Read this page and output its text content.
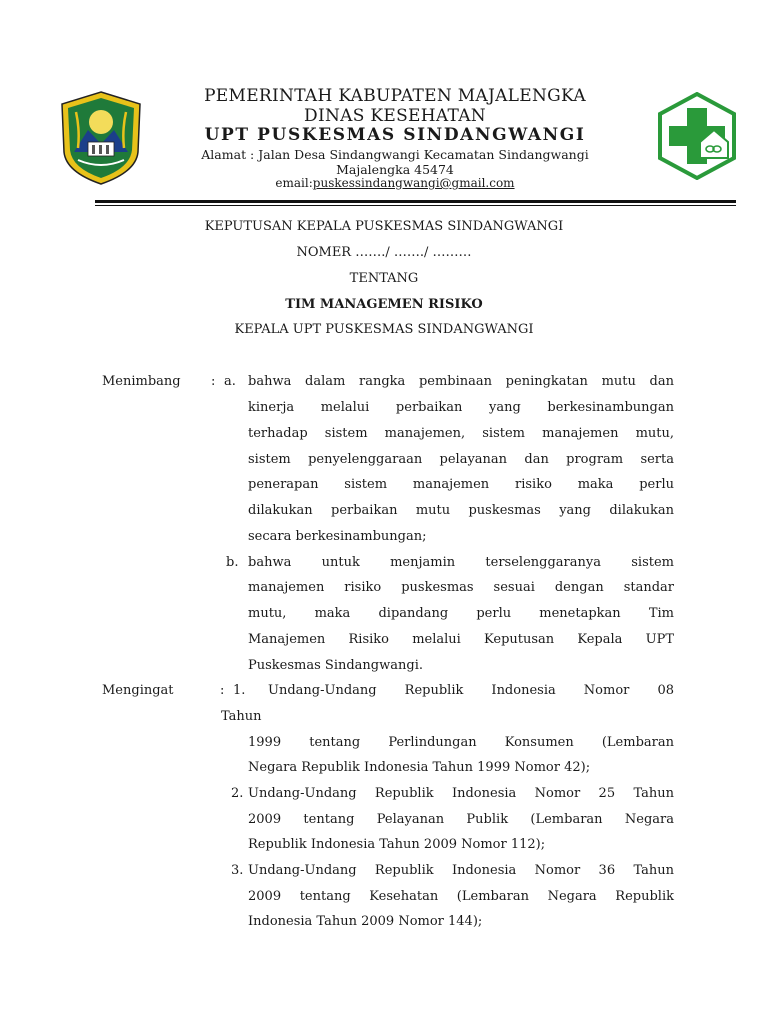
PEMERINTAH KABUPATEN MAJALENGKA
DINAS KESEHATAN
UPT PUSKESMAS SINDANGWANGI
Alamat : Jalan Desa Sindangwangi Kecamatan Sindangwangi
Majalengka 45474
email:puskessindangwangi@gmail.com
KEPUTUSAN KEPALA PUSKESMAS SINDANGWANGI
NOMER ……./ ……./ ………
TENTANG
TIM MANAGEMEN RISIKO
KEPALA UPT PUSKESMAS SINDANGWANGI
Menimbang : a. bahwa dalam rangka pembinaan peningkatan mutu dan
kinerja melalui perbaikan yang berkesinambungan
terhadap sistem manajemen, sistem manajemen mutu,
sistem penyelenggaraan pelayanan dan program serta
penerapan sistem manajemen risiko maka perlu
dilakukan perbaikan mutu puskesmas yang dilakukan
secara berkesinambungan;
b. bahwa untuk menjamin terselenggaranya sistem
manajemen risiko puskesmas sesuai dengan standar
mutu, maka dipandang perlu menetapkan Tim
Manajemen Risiko melalui Keputusan Kepala UPT
Puskesmas Sindangwangi.
Mengingat	: 1. Undang-Undang Republik Indonesia Nomor 08
Tahun
1999 tentang Perlindungan Konsumen (Lembaran
Negara Republik Indonesia Tahun 1999 Nomor 42);
2. Undang-Undang Republik Indonesia Nomor 25 Tahun
2009 tentang Pelayanan Publik (Lembaran Negara
Republik Indonesia Tahun 2009 Nomor 112);
3. Undang-Undang Republik Indonesia Nomor 36 Tahun
2009 tentang Kesehatan (Lembaran Negara Republik
Indonesia Tahun 2009 Nomor 144);
